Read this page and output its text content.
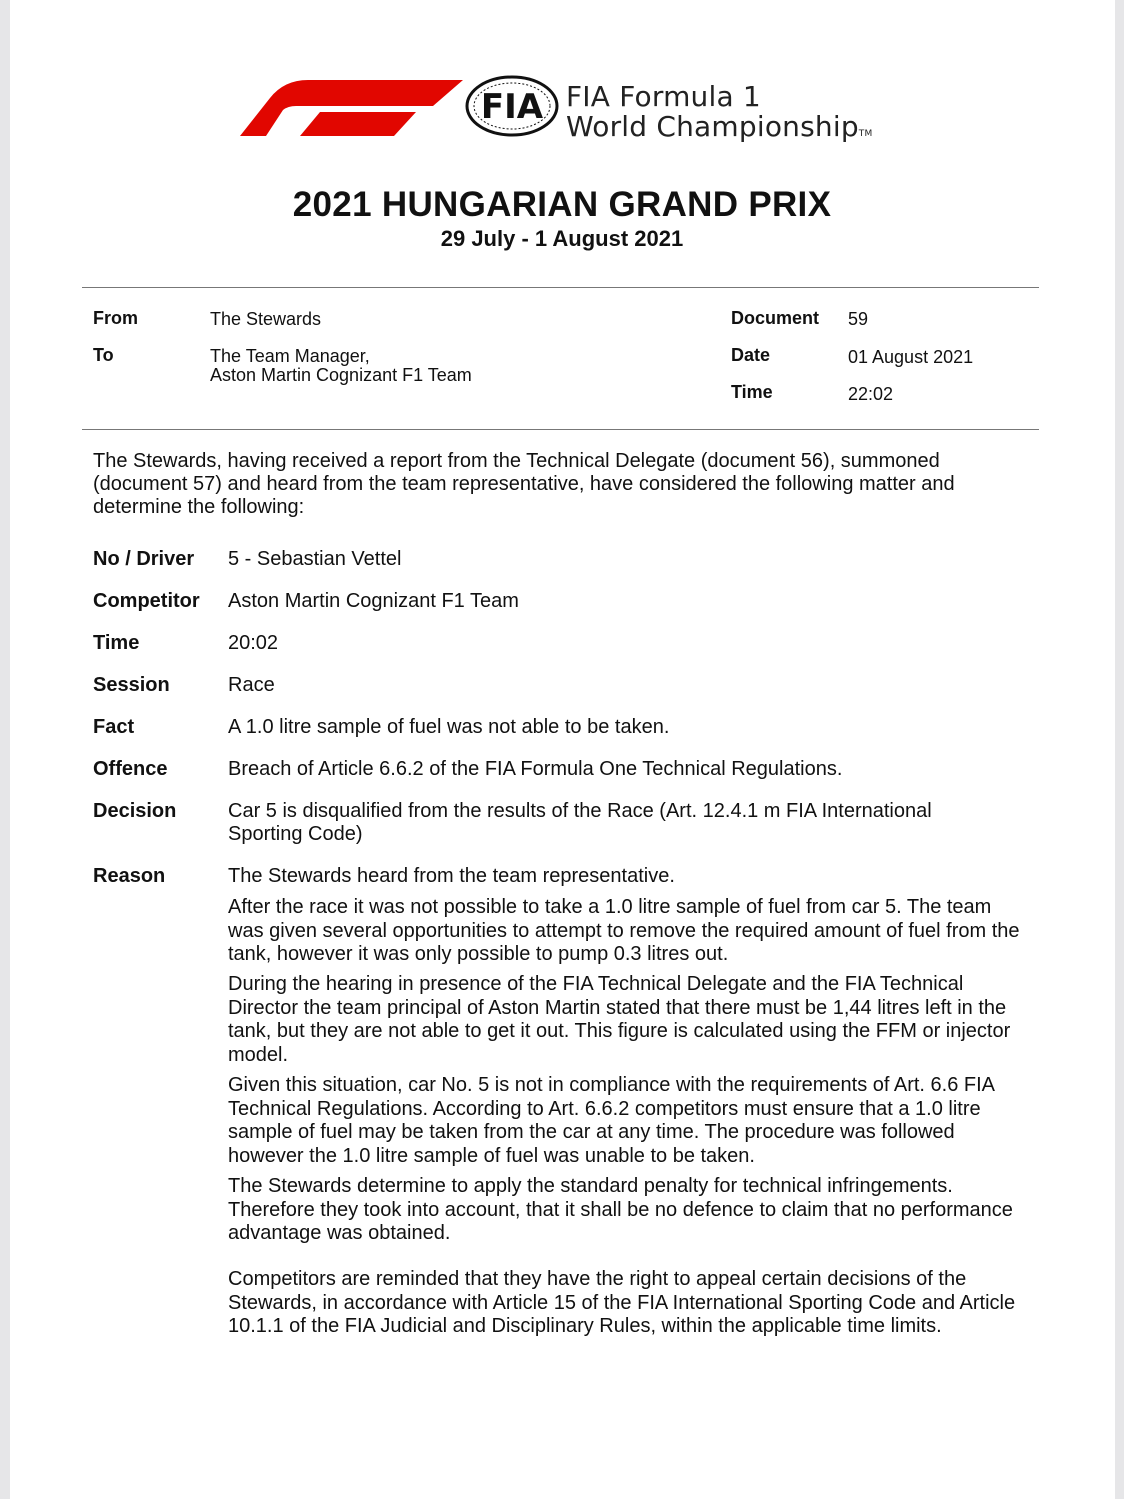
FIA FIA Formula 1
World ChampionshipTM
2021 HUNGARIAN GRAND PRIX
29 July - 1 August 2021
From	The Stewards
To	The Team Manager,
Aston Martin Cognizant F1 Team
Document 59
Date	01 August 2021
Time	22:02
The Stewards, having received a report from the Technical Delegate (document 56), summoned (document 57) and heard from the team representative, have considered the following matter and determine the following:
No / Driver 5 - Sebastian Vettel
Competitor Aston Martin Cognizant F1 Team
Time	20:02
Session	Race
Fact	A 1.0 litre sample of fuel was not able to be taken.
Offence	Breach of Article 6.6.2 of the FIA Formula One Technical Regulations.
Decision	Car 5 is disqualified from the results of the Race (Art. 12.4.1 m FIA International Sporting Code)
Reason	The Stewards heard from the team representative.
After the race it was not possible to take a 1.0 litre sample of fuel from car 5. The team was given several opportunities to attempt to remove the required amount of fuel from the tank, however it was only possible to pump 0.3 litres out.
During the hearing in presence of the FIA Technical Delegate and the FIA Technical Director the team principal of Aston Martin stated that there must be 1,44 litres left in the tank, but they are not able to get it out. This figure is calculated using the FFM or injector model.
Given this situation, car No. 5 is not in compliance with the requirements of Art. 6.6 FIA Technical Regulations. According to Art. 6.6.2 competitors must ensure that a 1.0 litre sample of fuel may be taken from the car at any time. The procedure was followed however the 1.0 litre sample of fuel was unable to be taken.
The Stewards determine to apply the standard penalty for technical infringements. Therefore they took into account, that it shall be no defence to claim that no performance advantage was obtained.
Competitors are reminded that they have the right to appeal certain decisions of the Stewards, in accordance with Article 15 of the FIA International Sporting Code and Article 10.1.1 of the FIA Judicial and Disciplinary Rules, within the applicable time limits.
